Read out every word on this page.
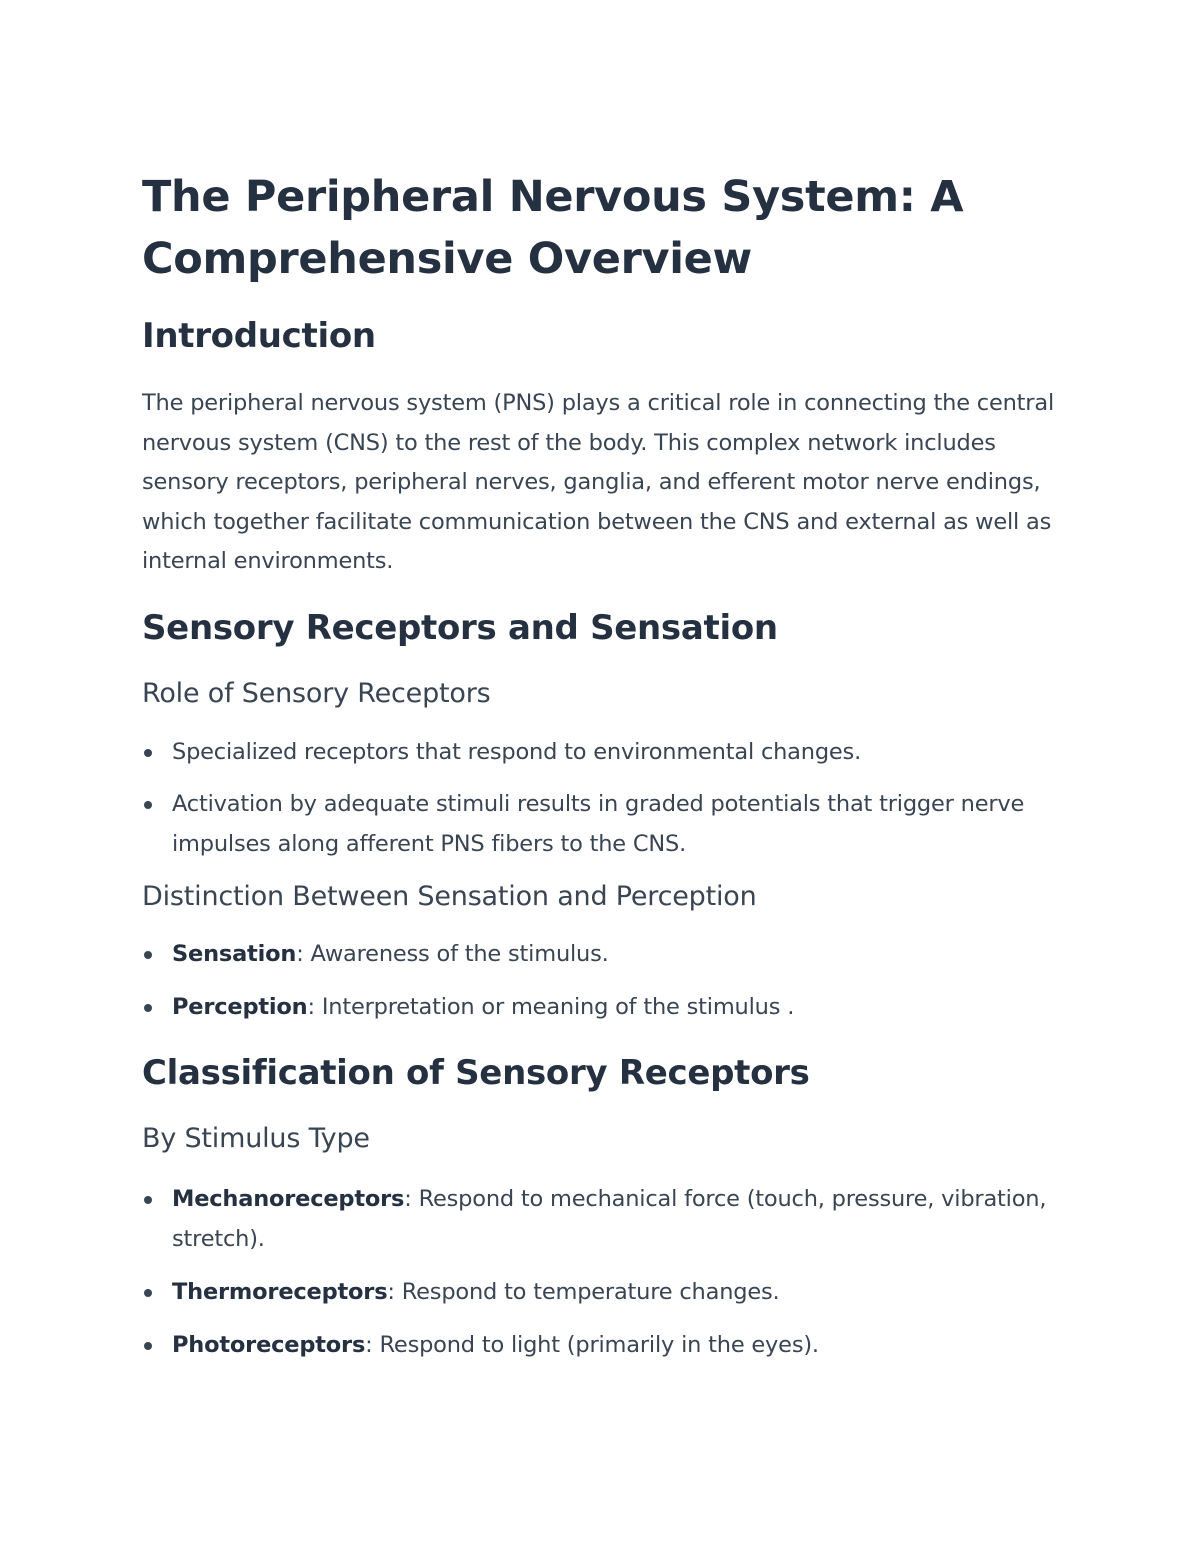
The Peripheral Nervous System: A Comprehensive Overview
Introduction

The peripheral nervous system (PNS) plays a critical role in connecting the central nervous system (CNS) to the rest of the body. This complex network includes sensory receptors, peripheral nerves, ganglia, and efferent motor nerve endings, which together facilitate communication between the CNS and external as well as internal environments.

Sensory Receptors and Sensation
Role of Sensory Receptors
Specialized receptors that respond to environmental changes.
Activation by adequate stimuli results in graded potentials that trigger nerve impulses along afferent PNS fibers to the CNS.
Distinction Between Sensation and Perception
Sensation: Awareness of the stimulus.
Perception: Interpretation or meaning of the stimulus .
Classification of Sensory Receptors
By Stimulus Type
Mechanoreceptors: Respond to mechanical force (touch, pressure, vibration, stretch).
Thermoreceptors: Respond to temperature changes.
Photoreceptors: Respond to light (primarily in the eyes).
